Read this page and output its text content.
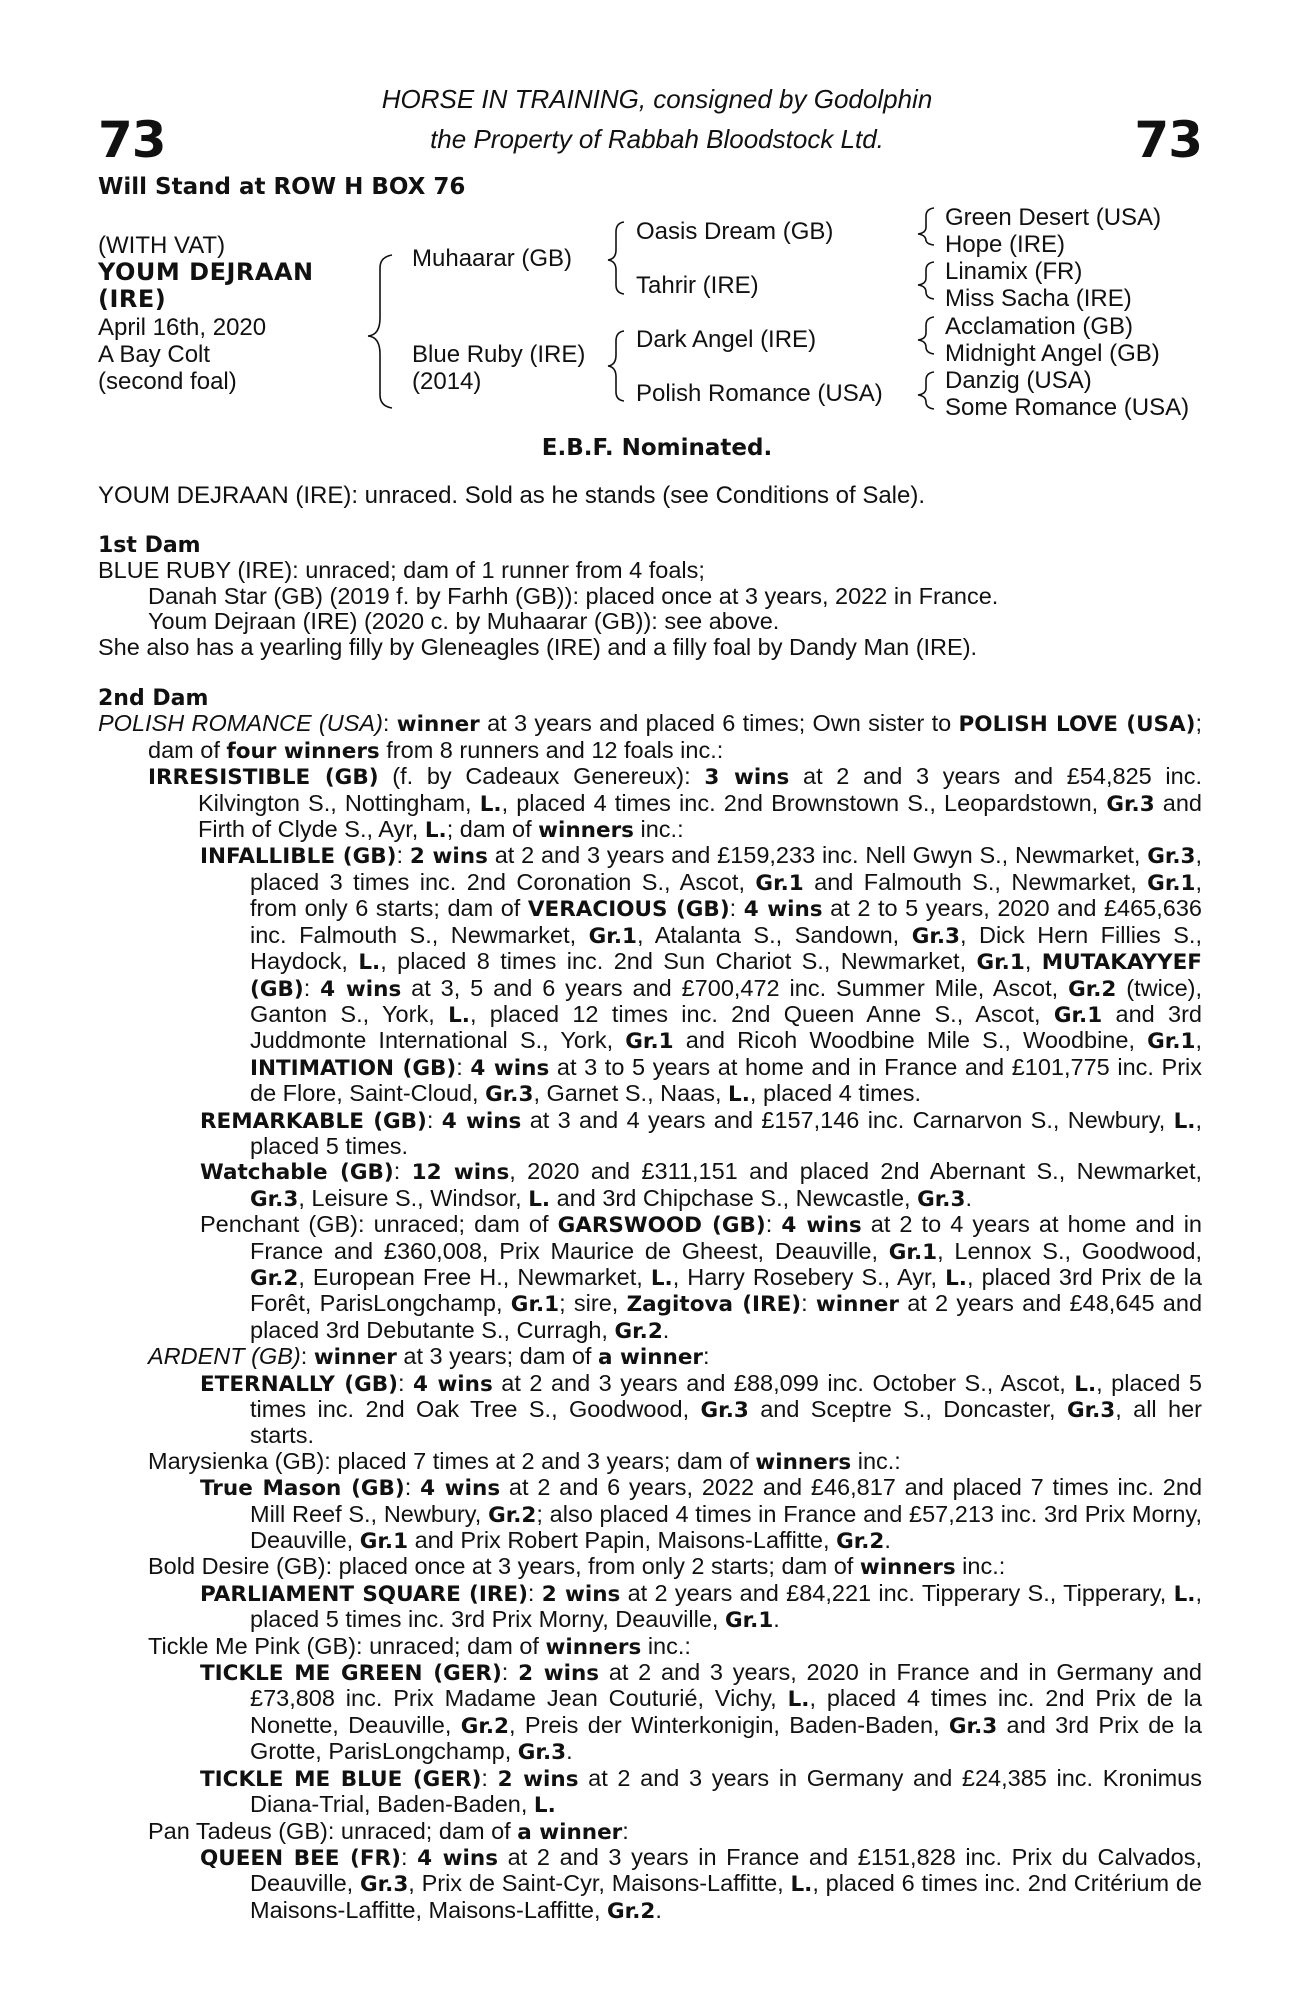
73	73
HORSE IN TRAINING, consigned by Godolphin
the Property of Rabbah Bloodstock Ltd.
Will Stand at ROW H BOX 76
(WITH VAT)
YOUM DEJRAAN
(IRE)
April 16th, 2020
A Bay Colt
(second foal)
Muhaarar (GB)
Blue Ruby (IRE)
(2014)
Oasis Dream (GB)
Tahrir (IRE)
Dark Angel (IRE)
Polish Romance (USA)
Green Desert (USA)
Hope (IRE)
Linamix (FR)
Miss Sacha (IRE)
Acclamation (GB)
Midnight Angel (GB)
Danzig (USA)
Some Romance (USA)
E.B.F. Nominated.
YOUM DEJRAAN (IRE): unraced. Sold as he stands (see Conditions of Sale).

1st Dam

BLUE RUBY (IRE): unraced; dam of 1 runner from 4 foals;

Danah Star (GB) (2019 f. by Farhh (GB)): placed once at 3 years, 2022 in France.

Youm Dejraan (IRE) (2020 c. by Muhaarar (GB)): see above.

She also has a yearling filly by Gleneagles (IRE) and a filly foal by Dandy Man (IRE).

2nd Dam

POLISH ROMANCE (USA): winner at 3 years and placed 6 times; Own sister to POLISH LOVE (USA); dam of four winners from 8 runners and 12 foals inc.:

IRRESISTIBLE (GB) (f. by Cadeaux Genereux): 3 wins at 2 and 3 years and £54,825 inc. Kilvington S., Nottingham, L., placed 4 times inc. 2nd Brownstown S., Leopardstown, Gr.3 and Firth of Clyde S., Ayr, L.; dam of winners inc.:

INFALLIBLE (GB): 2 wins at 2 and 3 years and £159,233 inc. Nell Gwyn S., Newmarket, Gr.3, placed 3 times inc. 2nd Coronation S., Ascot, Gr.1 and Falmouth S., Newmarket, Gr.1, from only 6 starts; dam of VERACIOUS (GB): 4 wins at 2 to 5 years, 2020 and £465,636 inc. Falmouth S., Newmarket, Gr.1, Atalanta S., Sandown, Gr.3, Dick Hern Fillies S., Haydock, L., placed 8 times inc. 2nd Sun Chariot S., Newmarket, Gr.1, MUTAKAYYEF (GB): 4 wins at 3, 5 and 6 years and £700,472 inc. Summer Mile, Ascot, Gr.2 (twice), Ganton S., York, L., placed 12 times inc. 2nd Queen Anne S., Ascot, Gr.1 and 3rd Juddmonte International S., York, Gr.1 and Ricoh Woodbine Mile S., Woodbine, Gr.1, INTIMATION (GB): 4 wins at 3 to 5 years at home and in France and £101,775 inc. Prix de Flore, Saint-Cloud, Gr.3, Garnet S., Naas, L., placed 4 times.

REMARKABLE (GB): 4 wins at 3 and 4 years and £157,146 inc. Carnarvon S., Newbury, L., placed 5 times.

Watchable (GB): 12 wins, 2020 and £311,151 and placed 2nd Abernant S., Newmarket, Gr.3, Leisure S., Windsor, L. and 3rd Chipchase S., Newcastle, Gr.3.

Penchant (GB): unraced; dam of GARSWOOD (GB): 4 wins at 2 to 4 years at home and in France and £360,008, Prix Maurice de Gheest, Deauville, Gr.1, Lennox S., Goodwood, Gr.2, European Free H., Newmarket, L., Harry Rosebery S., Ayr, L., placed 3rd Prix de la Forêt, ParisLongchamp, Gr.1; sire, Zagitova (IRE): winner at 2 years and £48,645 and placed 3rd Debutante S., Curragh, Gr.2.

ARDENT (GB): winner at 3 years; dam of a winner:

ETERNALLY (GB): 4 wins at 2 and 3 years and £88,099 inc. October S., Ascot, L., placed 5 times inc. 2nd Oak Tree S., Goodwood, Gr.3 and Sceptre S., Doncaster, Gr.3, all her starts.

Marysienka (GB): placed 7 times at 2 and 3 years; dam of winners inc.:

True Mason (GB): 4 wins at 2 and 6 years, 2022 and £46,817 and placed 7 times inc. 2nd Mill Reef S., Newbury, Gr.2; also placed 4 times in France and £57,213 inc. 3rd Prix Morny, Deauville, Gr.1 and Prix Robert Papin, Maisons-Laffitte, Gr.2.

Bold Desire (GB): placed once at 3 years, from only 2 starts; dam of winners inc.:

PARLIAMENT SQUARE (IRE): 2 wins at 2 years and £84,221 inc. Tipperary S., Tipperary, L., placed 5 times inc. 3rd Prix Morny, Deauville, Gr.1.

Tickle Me Pink (GB): unraced; dam of winners inc.:

TICKLE ME GREEN (GER): 2 wins at 2 and 3 years, 2020 in France and in Germany and £73,808 inc. Prix Madame Jean Couturié, Vichy, L., placed 4 times inc. 2nd Prix de la Nonette, Deauville, Gr.2, Preis der Winterkonigin, Baden-Baden, Gr.3 and 3rd Prix de la Grotte, ParisLongchamp, Gr.3.

TICKLE ME BLUE (GER): 2 wins at 2 and 3 years in Germany and £24,385 inc. Kronimus Diana-Trial, Baden-Baden, L.

Pan Tadeus (GB): unraced; dam of a winner:

QUEEN BEE (FR): 4 wins at 2 and 3 years in France and £151,828 inc. Prix du Calvados, Deauville, Gr.3, Prix de Saint-Cyr, Maisons-Laffitte, L., placed 6 times inc. 2nd Critérium de Maisons-Laffitte, Maisons-Laffitte, Gr.2.
